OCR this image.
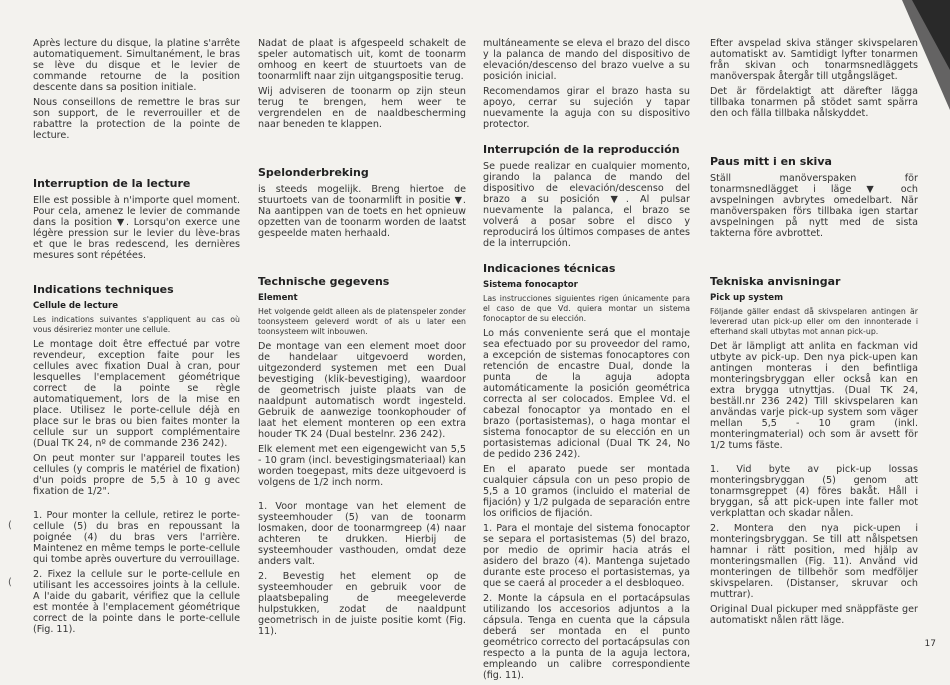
Après lecture du disque, la platine s'arrête automatiquement. Simultanément, le bras se lève du disque et le levier de commande retourne de la position descente dans sa position initiale.

Nous conseillons de remettre le bras sur son support, de le reverrouiller et de rabattre la protection de la pointe de lecture.

Interruption de la lecture

Elle est possible à n'importe quel moment. Pour cela, amenez le levier de commande dans la position ▼. Lorsqu'on exerce une légère pression sur le levier du lève-bras et que le bras redescend, les dernières mesures sont répétées.

Indications techniques
Cellule de lecture

Les indications suivantes s'appliquent au cas où vous désireriez monter une cellule.

Le montage doit être effectué par votre revendeur, exception faite pour les cellules avec fixation Dual à cran, pour lesquelles l'emplacement géométrique correct de la pointe se règle automatiquement, lors de la mise en place. Utilisez le porte-cellule déjà en place sur le bras ou bien faites monter la cellule sur un support complémentaire (Dual TK 24, nº de commande 236 242).

On peut monter sur l'appareil toutes les cellules (y compris le matériel de fixation) d'un poids propre de 5,5 à 10 g avec fixation de 1/2".

1. Pour monter la cellule, retirez le porte-cellule (5) du bras en repoussant la poignée (4) du bras vers l'arrière. Maintenez en même temps le porte-cellule qui tombe après ouverture du verrouillage.

2. Fixez la cellule sur le porte-cellule en utilisant les accessoires joints à la cellule. A l'aide du gabarit, vérifiez que la cellule est montée à l'emplacement géométrique correct de la pointe dans le porte-cellule (Fig. 11).

Nadat de plaat is afgespeeld schakelt de speler automatisch uit, komt de toonarm omhoog en keert de stuurtoets van de toonarmlift naar zijn uitgangspositie terug.

Wij adviseren de toonarm op zijn steun terug te brengen, hem weer te vergrendelen en de naaldbescherming naar beneden te klappen.

Spelonderbreking

is steeds mogelijk. Breng hiertoe de stuurtoets van de toonarmlift in positie ▼. Na aantippen van de toets en het opnieuw opzetten van de toonarm worden de laatst gespeelde maten herhaald.

Technische gegevens
Element

Het volgende geldt alleen als de platenspeler zonder toonsysteem geleverd wordt of als u later een toonsysteem wilt inbouwen.

De montage van een element moet door de handelaar uitgevoerd worden, uitgezonderd systemen met een Dual bevestiging (klik-bevestiging), waardoor de geometrisch juiste plaats van de naaldpunt automatisch wordt ingesteld. Gebruik de aanwezige toonkophouder of laat het element monteren op een extra houder TK 24 (Dual bestelnr. 236 242).

Elk element met een eigengewicht van 5,5 - 10 gram (incl. bevestigingsmateriaal) kan worden toegepast, mits deze uitgevoerd is volgens de 1/2 inch norm.

1. Voor montage van het element de systeemhouder (5) van de toonarm losmaken, door de toonarmgreep (4) naar achteren te drukken. Hierbij de systeemhouder vasthouden, omdat deze anders valt.

2. Bevestig het element op de systeemhouder en gebruik voor de plaatsbepaling de meegeleverde hulpstukken, zodat de naaldpunt geometrisch in de juiste positie komt (Fig. 11).

multáneamente se eleva el brazo del disco y la palanca de mando del dispositivo de elevación/descenso del brazo vuelve a su posición inicial.

Recomendamos girar el brazo hasta su apoyo, cerrar su sujeción y tapar nuevamente la aguja con su dispositivo protector.

Interrupción de la reproducción

Se puede realizar en cualquier momento, girando la palanca de mando del dispositivo de elevación/descenso del brazo a su posición ▼. Al pulsar nuevamente la palanca, el brazo se volverá a posar sobre el disco y reproducirá los últimos compases de antes de la interrupción.

Indicaciones técnicas
Sistema fonocaptor

Las instrucciones siguientes rigen únicamente para el caso de que Vd. quiera montar un sistema fonocaptor de su elección.

Lo más conveniente será que el montaje sea efectuado por su proveedor del ramo, a excepción de sistemas fonocaptores con retención de encastre Dual, donde la punta de la aguja adopta automáticamente la posición geométrica correcta al ser colocados. Emplee Vd. el cabezal fonocaptor ya montado en el brazo (portasistemas), o haga montar el sistema fonocaptor de su elección en un portasistemas adicional (Dual TK 24, No de pedido 236 242).

En el aparato puede ser montada cualquier cápsula con un peso propio de 5,5 a 10 gramos (incluido el material de fijación) y 1/2 pulgada de separación entre los orificios de fijación.

1. Para el montaje del sistema fonocaptor se separa el portasistemas (5) del brazo, por medio de oprimir hacia atrás el asidero del brazo (4). Mantenga sujetado durante este proceso el portasistemas, ya que se caerá al proceder a el desbloqueo.

2. Monte la cápsula en el portacápsulas utilizando los accesorios adjuntos a la cápsula. Tenga en cuenta que la cápsula deberá ser montada en el punto geométrico correcto del portacápsulas con respecto a la punta de la aguja lectora, empleando un calibre correspondiente (fig. 11).

Efter avspelad skiva stänger skivspelaren automatiskt av. Samtidigt lyfter tonarmen från skivan och tonarmsnedläggets manöverspak återgår till utgångsläget.

Det är fördelaktigt att därefter lägga tillbaka tonarmen på stödet samt spärra den och fälla tillbaka nålskyddet.

Paus mitt i en skiva

Ställ manöverspaken för tonarmsnedlägget i läge ▼ och avspelningen avbrytes omedelbart. När manöverspaken förs tillbaka igen startar avspelningen på nytt med de sista takterna före avbrottet.

Tekniska anvisningar
Pick up system

Följande gäller endast då skivspelaren antingen är levererad utan pick-up eller om den innonterade i efterhand skall utbytas mot annan pick-up.

Det är lämpligt att anlita en fackman vid utbyte av pick-up. Den nya pick-upen kan antingen monteras i den befintliga monteringsbryggan eller också kan en extra brygga utnyttjas. (Dual TK 24, beställ.nr 236 242) Till skivspelaren kan användas varje pick-up system som väger mellan 5,5 - 10 gram (inkl. monteringmaterial) och som är avsett för 1/2 tums fäste.

1. Vid byte av pick-up lossas monteringsbryggan (5) genom att tonarmsgreppet (4) föres bakåt. Håll i bryggan, så att pick-upen inte faller mot verkplattan och skadar nålen.

2. Montera den nya pick-upen i monteringsbryggan. Se till att nålspetsen hamnar i rätt position, med hjälp av monteringsmallen (Fig. 11). Använd vid monteringen de tillbehör som medföljer skivspelaren. (Distanser, skruvar och muttrar).

Original Dual pickuper med snäppfäste ger automatiskt nålen rätt läge.

(
(
17
